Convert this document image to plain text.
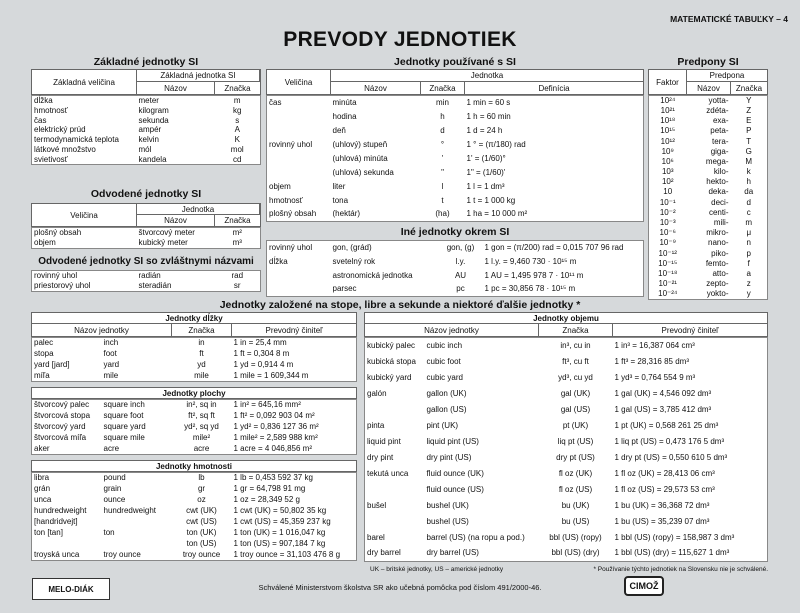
MATEMATICKÉ TABUĽKY – 4
PREVODY JEDNOTIEK
Základné jednotky SI
Základná veličina
Základná jednotka SI
Názov	Značka
dĺžka	meter	m
hmotnosť	kilogram	kg
čas	sekunda	s
elektrický prúd	ampér	A
termodynamická teplota	kelvin	K
látkové množstvo	mól	mol
svietivosť	kandela	cd
Odvodené jednotky SI
Veličina
Jednotka
Názov	Značka
plošný obsah	štvorcový meter	m²
objem	kubický meter	m³
Odvodené jednotky SI so zvláštnymi názvami
rovinný uhol	radián	rad
priestorový uhol	steradián	sr
Jednotky používané s SI
Veličina
Jednotka
Názov	Značka	Definícia
čas	minúta	min	1 min = 60 s
	hodina	h	1 h = 60 min
	deň	d	1 d = 24 h
rovinný uhol	(uhlový) stupeň	°	1 ° = (π/180) rad
	(uhlová) minúta	'	1' = (1/60)°
	(uhlová) sekunda	"	1" = (1/60)'
objem	liter	l	1 l = 1 dm³
hmotnosť	tona	t	1 t = 1 000 kg
plošný obsah	(hektár)	(ha)	1 ha = 10 000 m²
Iné jednotky okrem SI
rovinný uhol	gon, (grád)	gon, (g)	1 gon = (π/200) rad = 0,015 707 96 rad
dĺžka	svetelný rok	l.y.	1 l.y. = 9,460 730 · 10¹⁵ m
	astronomická jednotka	AU	1 AU = 1,495 978 7 · 10¹¹ m
	parsec	pc	1 pc = 30,856 78 · 10¹⁵ m
Predpony SI
Faktor
Predpona
Názov	Značka
10²⁴	yotta-	Y
10²¹	zdéta-	Z
10¹⁸	exa-	E
10¹⁵	peta-	P
10¹²	tera-	T
10⁹	giga-	G
10⁶	mega-	M
10³	kilo-	k
10²	hekto-	h
10	deka-	da
10⁻¹	deci-	d
10⁻²	centi-	c
10⁻³	mili-	m
10⁻⁶	mikro-	μ
10⁻⁹	nano-	n
10⁻¹²	piko-	p
10⁻¹⁵	femto-	f
10⁻¹⁸	atto-	a
10⁻²¹	zepto-	z
10⁻²⁴	yokto-	y
Jednotky založené na stope, libre a sekunde a niektoré ďalšie jednotky *
Jednotky dĺžky
Názov jednotky	Značka	Prevodný činiteľ
palec	inch	in	1 in = 25,4 mm
stopa	foot	ft	1 ft = 0,304 8 m
yard [jard]	yard	yd	1 yd = 0,914 4 m
míľa	mile	mile	1 mile = 1 609,344 m
Jednotky plochy
štvorcový palec	square inch	in², sq in	1 in² = 645,16 mm²
štvorcová stopa	square foot	ft², sq ft	1 ft² = 0,092 903 04 m²
štvorcový yard	square yard	yd², sq yd	1 yd² = 0,836 127 36 m²
štvorcová míľa	square mile	mile²	1 mile² = 2,589 988 km²
aker	acre	acre	1 acre = 4 046,856 m²
Jednotky hmotnosti
libra	pound	lb	1 lb = 0,453 592 37 kg
grán	grain	gr	1 gr = 64,798 91 mg
unca	ounce	oz	1 oz = 28,349 52 g
hundredweight	hundredweight	cwt (UK)	1 cwt (UK) = 50,802 35 kg
[handridvejt]		cwt (US)	1 cwt (US) = 45,359 237 kg
ton [tan]	ton	ton (UK)	1 ton (UK) = 1 016,047 kg
		ton (US)	1 ton (US) = 907,184 7 kg
troyská unca	troy ounce	troy ounce	1 troy ounce = 31,103 476 8 g
Jednotky objemu
Názov jednotky	Značka	Prevodný činiteľ
kubický palec	cubic inch	in³, cu in	1 in³ = 16,387 064 cm³
kubická stopa	cubic foot	ft³, cu ft	1 ft³ = 28,316 85 dm³
kubický yard	cubic yard	yd³, cu yd	1 yd³ = 0,764 554 9 m³
galón	gallon (UK)	gal (UK)	1 gal (UK) = 4,546 092 dm³
	gallon (US)	gal (US)	1 gal (US) = 3,785 412 dm³
pinta	pint (UK)	pt (UK)	1 pt (UK) = 0,568 261 25 dm³
liquid pint	liquid pint (US)	liq pt (US)	1 liq pt (US) = 0,473 176 5 dm³
dry pint	dry pint (US)	dry pt (US)	1 dry pt (US) = 0,550 610 5 dm³
tekutá unca	fluid ounce (UK)	fl oz (UK)	1 fl oz (UK) = 28,413 06 cm³
	fluid ounce (US)	fl oz (US)	1 fl oz (US) = 29,573 53 cm³
bušel	bushel (UK)	bu (UK)	1 bu (UK) = 36,368 72 dm³
	bushel (US)	bu (US)	1 bu (US) = 35,239 07 dm³
barel	barrel (US) (na ropu a pod.)	bbl (US) (ropy)	1 bbl (US) (ropy) = 158,987 3 dm³
dry barrel	dry barrel (US)	bbl (US) (dry)	1 bbl (US) (dry) = 115,627 1 dm³
UK – britské jednotky, US – americké jednotky	* Používanie týchto jednotiek na Slovensku nie je schválené.
MELO-DIÁK	Schválené Ministerstvom školstva SR ako učebná pomôcka pod číslom 491/2000-46.	CIMOŽ
